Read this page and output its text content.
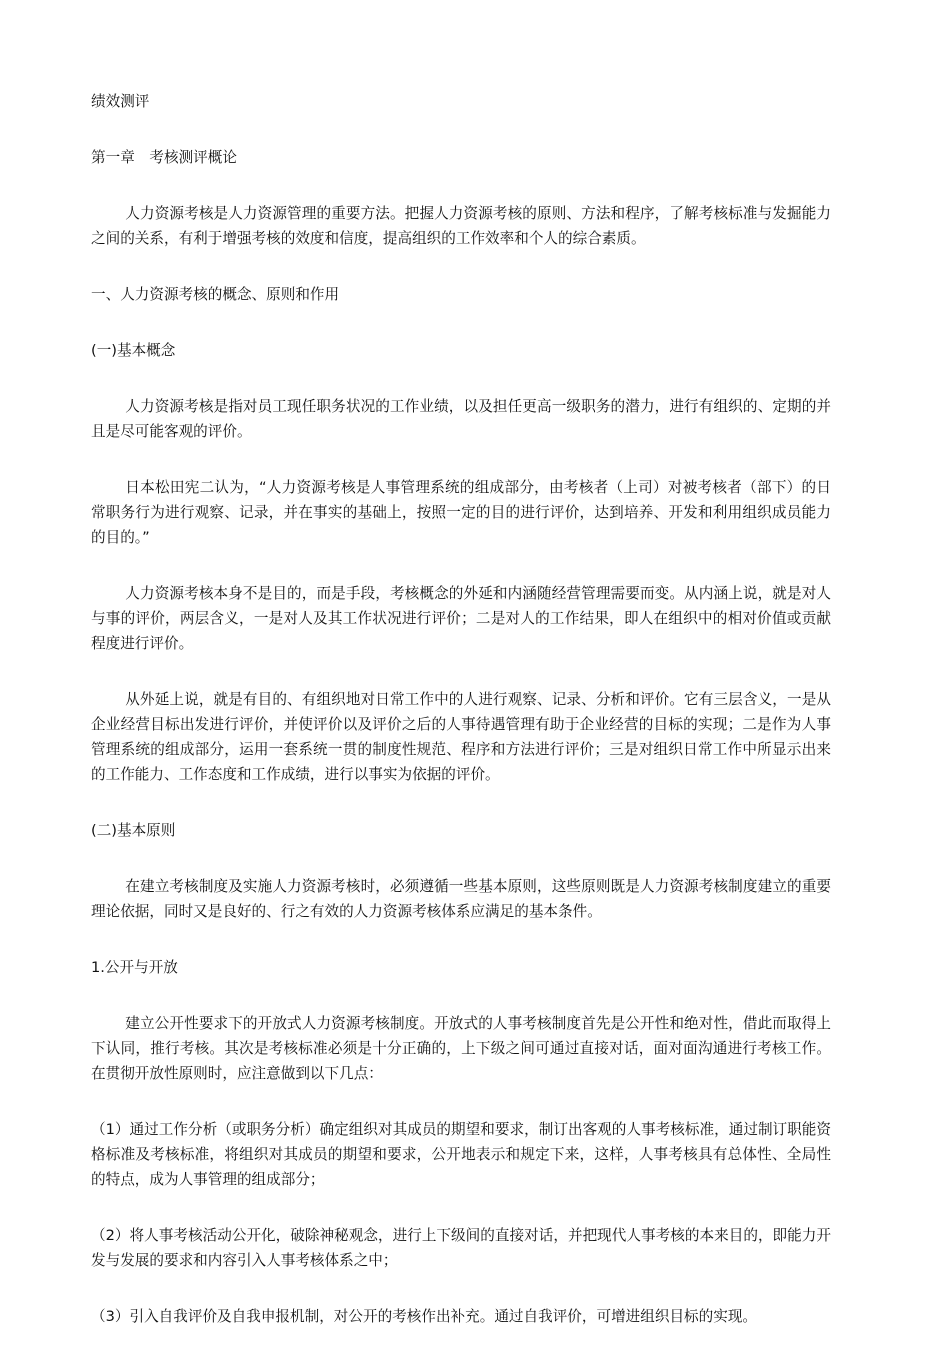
绩效测评

第一章　考核测评概论

人力资源考核是人力资源管理的重要方法。把握人力资源考核的原则、方法和程序，了解考核标准与发掘能力之间的关系，有利于增强考核的效度和信度，提高组织的工作效率和个人的综合素质。

一、人力资源考核的概念、原则和作用

(一)基本概念

人力资源考核是指对员工现任职务状况的工作业绩，以及担任更高一级职务的潜力，进行有组织的、定期的并且是尽可能客观的评价。

日本松田宪二认为，“人力资源考核是人事管理系统的组成部分，由考核者（上司）对被考核者（部下）的日常职务行为进行观察、记录，并在事实的基础上，按照一定的目的进行评价，达到培养、开发和利用组织成员能力的目的。”

人力资源考核本身不是目的，而是手段，考核概念的外延和内涵随经营管理需要而变。从内涵上说，就是对人与事的评价，两层含义，一是对人及其工作状况进行评价；二是对人的工作结果，即人在组织中的相对价值或贡献程度进行评价。

从外延上说，就是有目的、有组织地对日常工作中的人进行观察、记录、分析和评价。它有三层含义，一是从企业经营目标出发进行评价，并使评价以及评价之后的人事待遇管理有助于企业经营的目标的实现；二是作为人事管理系统的组成部分，运用一套系统一贯的制度性规范、程序和方法进行评价；三是对组织日常工作中所显示出来的工作能力、工作态度和工作成绩，进行以事实为依据的评价。

(二)基本原则

在建立考核制度及实施人力资源考核时，必须遵循一些基本原则，这些原则既是人力资源考核制度建立的重要理论依据，同时又是良好的、行之有效的人力资源考核体系应满足的基本条件。

1.公开与开放

建立公开性要求下的开放式人力资源考核制度。开放式的人事考核制度首先是公开性和绝对性，借此而取得上下认同，推行考核。其次是考核标准必须是十分正确的，上下级之间可通过直接对话，面对面沟通进行考核工作。在贯彻开放性原则时，应注意做到以下几点：

（1）通过工作分析（或职务分析）确定组织对其成员的期望和要求，制订出客观的人事考核标准，通过制订职能资格标准及考核标准，将组织对其成员的期望和要求，公开地表示和规定下来，这样，人事考核具有总体性、全局性的特点，成为人事管理的组成部分；

（2）将人事考核活动公开化，破除神秘观念，进行上下级间的直接对话，并把现代人事考核的本来目的，即能力开发与发展的要求和内容引入人事考核体系之中；

（3）引入自我评价及自我申报机制，对公开的考核作出补充。通过自我评价，可增进组织目标的实现。
